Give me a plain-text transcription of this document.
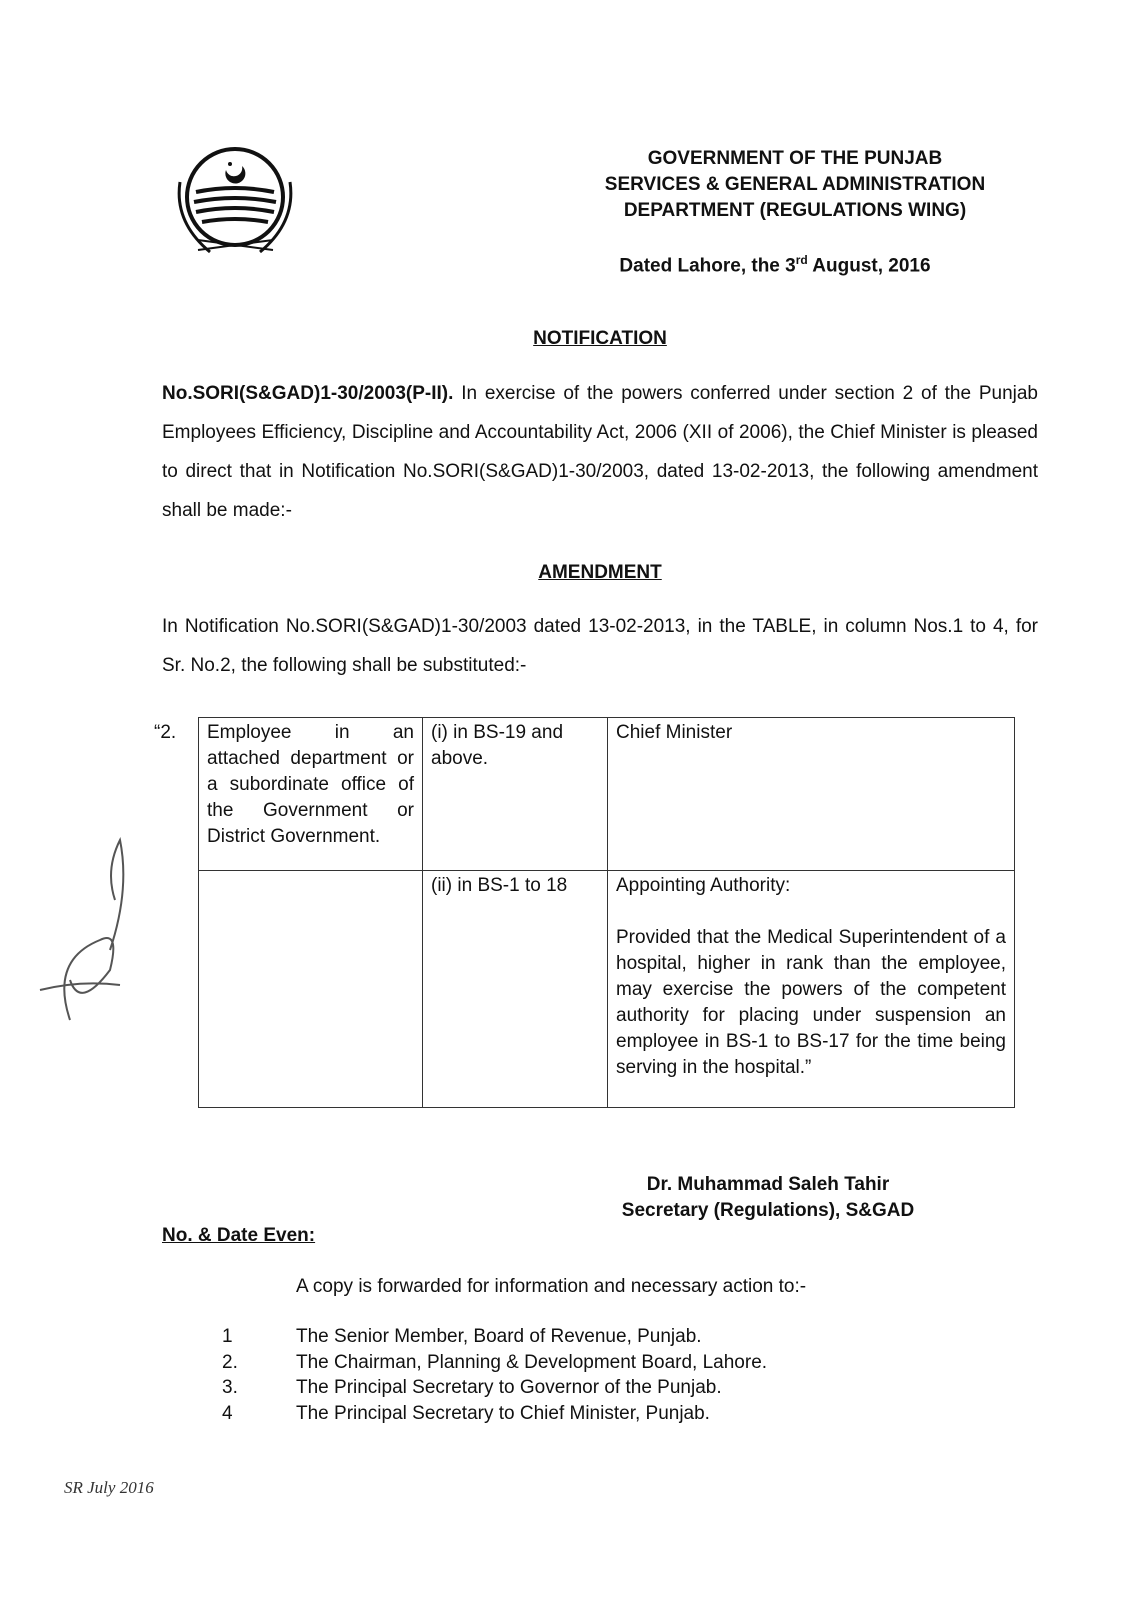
GOVERNMENT OF THE PUNJAB
SERVICES & GENERAL ADMINISTRATION
DEPARTMENT (REGULATIONS WING)
Dated Lahore, the 3rd August, 2016
NOTIFICATION
No.SORI(S&GAD)1-30/2003(P-II). In exercise of the powers conferred under section 2 of the Punjab Employees Efficiency, Discipline and Accountability Act, 2006 (XII of 2006), the Chief Minister is pleased to direct that in Notification No.SORI(S&GAD)1-30/2003, dated 13-02-2013, the following amendment shall be made:-
AMENDMENT
In Notification No.SORI(S&GAD)1-30/2003 dated 13-02-2013, in the TABLE, in column Nos.1 to 4, for Sr. No.2, the following shall be substituted:-
“2.	Employee in an attached department or a subordinate office of the Government or District Government.	(i) in BS-19 and above.	Chief Minister
		(ii) in BS-1 to 18	Appointing Authority:
Provided that the Medical Superintendent of a hospital, higher in rank than the employee, may exercise the powers of the competent authority for placing under suspension an employee in BS-1 to BS-17 for the time being serving in the hospital.”
Dr. Muhammad Saleh Tahir
Secretary (Regulations), S&GAD
No. & Date Even:
A copy is forwarded for information and necessary action to:-
1	The Senior Member, Board of Revenue, Punjab.
2.	The Chairman, Planning & Development Board, Lahore.
3.	The Principal Secretary to Governor of the Punjab.
4	The Principal Secretary to Chief Minister, Punjab.
SR July 2016
